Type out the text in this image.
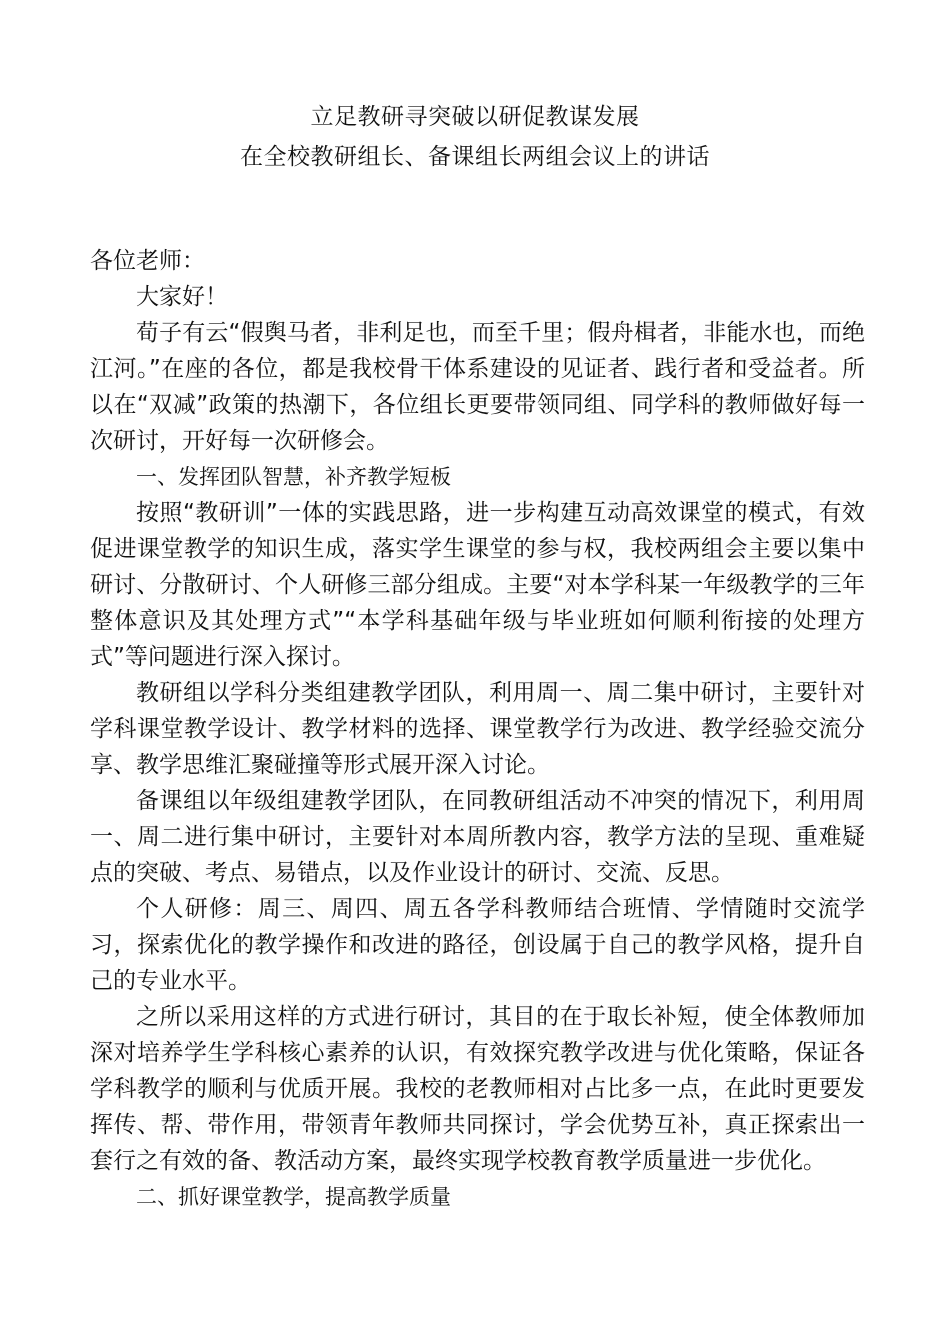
立足教研寻突破以研促教谋发展
在全校教研组长、备课组长两组会议上的讲话

各位老师：

大家好！

荀子有云“假舆马者，非利足也，而至千里；假舟楫者，非能水也，而绝江河。”在座的各位，都是我校骨干体系建设的见证者、践行者和受益者。所以在“双减”政策的热潮下，各位组长更要带领同组、同学科的教师做好每一次研讨，开好每一次研修会。

一、发挥团队智慧，补齐教学短板

按照“教研训”一体的实践思路，进一步构建互动高效课堂的模式，有效促进课堂教学的知识生成，落实学生课堂的参与权，我校两组会主要以集中研讨、分散研讨、个人研修三部分组成。主要“对本学科某一年级教学的三年整体意识及其处理方式”“本学科基础年级与毕业班如何顺利衔接的处理方式”等问题进行深入探讨。

教研组以学科分类组建教学团队，利用周一、周二集中研讨，主要针对学科课堂教学设计、教学材料的选择、课堂教学行为改进、教学经验交流分享、教学思维汇聚碰撞等形式展开深入讨论。

备课组以年级组建教学团队，在同教研组活动不冲突的情况下，利用周一、周二进行集中研讨，主要针对本周所教内容，教学方法的呈现、重难疑点的突破、考点、易错点，以及作业设计的研讨、交流、反思。

个人研修：周三、周四、周五各学科教师结合班情、学情随时交流学习，探索优化的教学操作和改进的路径，创设属于自己的教学风格，提升自己的专业水平。

之所以采用这样的方式进行研讨，其目的在于取长补短，使全体教师加深对培养学生学科核心素养的认识，有效探究教学改进与优化策略，保证各学科教学的顺利与优质开展。我校的老教师相对占比多一点，在此时更要发挥传、帮、带作用，带领青年教师共同探讨，学会优势互补，真正探索出一套行之有效的备、教活动方案，最终实现学校教育教学质量进一步优化。

二、抓好课堂教学，提高教学质量
